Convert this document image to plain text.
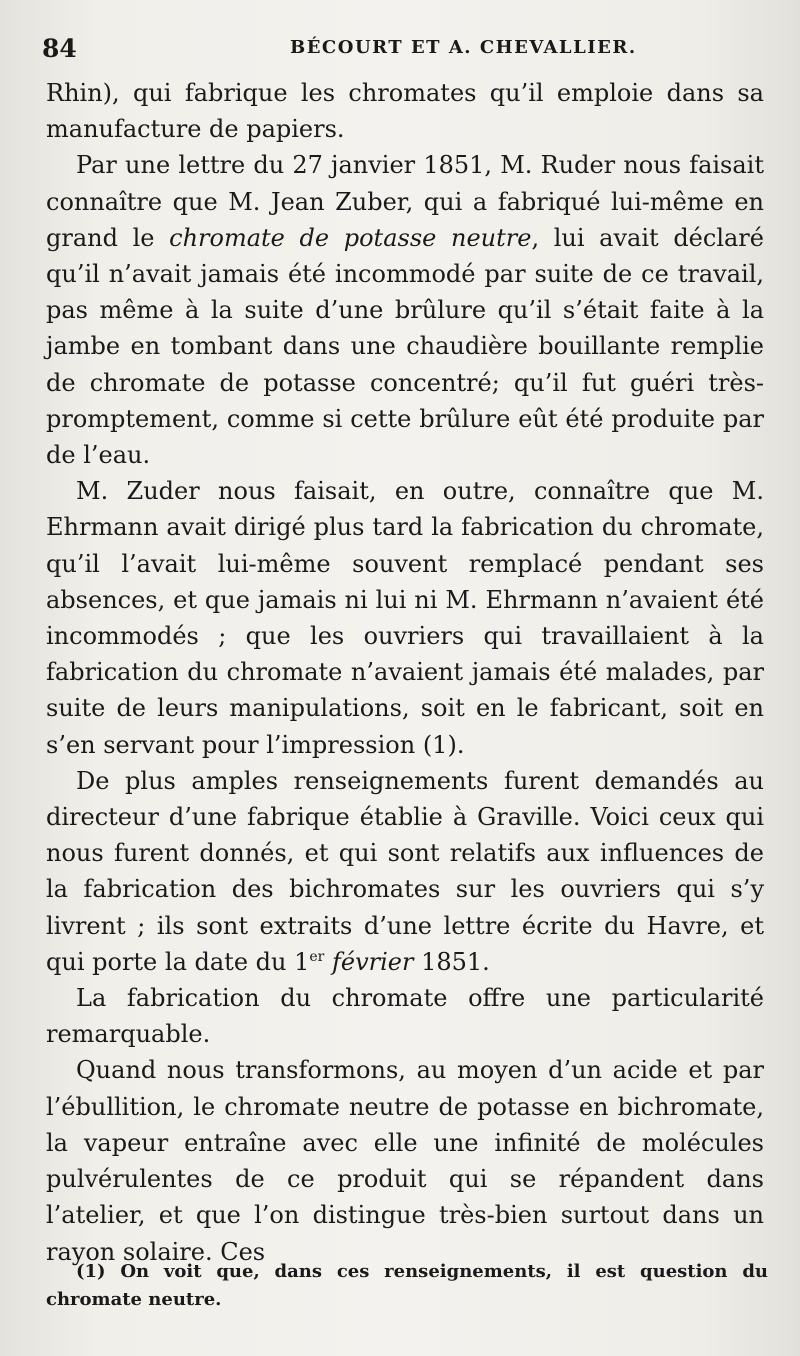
84	BÉCOURT ET A. CHEVALLIER.

Rhin), qui fabrique les chromates qu’il emploie dans sa manufacture de papiers.

Par une lettre du 27 janvier 1851, M. Ruder nous faisait connaître que M. Jean Zuber, qui a fabriqué lui-même en grand le chromate de potasse neutre, lui avait déclaré qu’il n’avait jamais été incommodé par suite de ce travail, pas même à la suite d’une brûlure qu’il s’était faite à la jambe en tombant dans une chaudière bouillante remplie de chromate de potasse concentré; qu’il fut guéri très-promptement, comme si cette brûlure eût été produite par de l’eau.

M. Zuder nous faisait, en outre, connaître que M. Ehrmann avait dirigé plus tard la fabrication du chromate, qu’il l’avait lui-même souvent remplacé pendant ses absences, et que jamais ni lui ni M. Ehrmann n’avaient été incommodés ; que les ouvriers qui travaillaient à la fabrication du chromate n’avaient jamais été malades, par suite de leurs manipulations, soit en le fabricant, soit en s’en servant pour l’impression (1).

De plus amples renseignements furent demandés au directeur d’une fabrique établie à Graville. Voici ceux qui nous furent donnés, et qui sont relatifs aux influences de la fabrication des bichromates sur les ouvriers qui s’y livrent ; ils sont extraits d’une lettre écrite du Havre, et qui porte la date du 1er février 1851.

La fabrication du chromate offre une particularité remarquable.

Quand nous transformons, au moyen d’un acide et par l’ébullition, le chromate neutre de potasse en bichromate, la vapeur entraîne avec elle une infinité de molécules pulvérulentes de ce produit qui se répandent dans l’atelier, et que l’on distingue très-bien surtout dans un rayon solaire. Ces

(1) On voit que, dans ces renseignements, il est question du chromate neutre.
